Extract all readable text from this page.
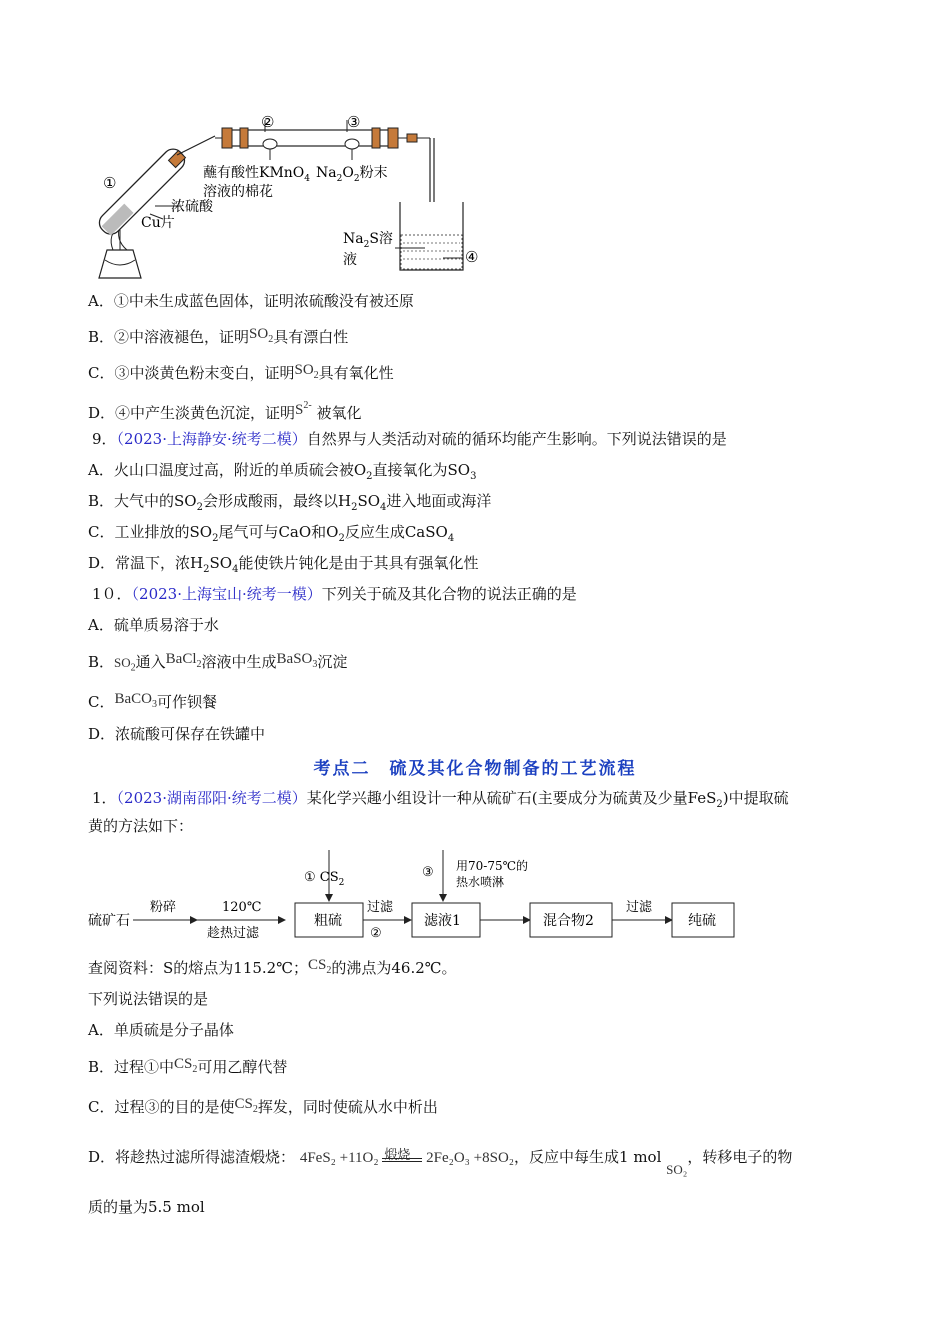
①
②	③
④
蘸有酸性KMnO$_4$ $Na_2O_2$粉末
溶液的棉花
浓硫酸
Cu片
$Na_2S$溶
液
A．①中未生成蓝色固体，证明浓硫酸没有被还原
B．②中溶液褪色，证明$SO_2$具有漂白性
C．③中淡黄色粉末变白，证明$SO_2$具有氧化性
D．④中产生淡黄色沉淀，证明$S^{2-}$ 被氧化
9．（2023·上海静安·统考二模）自然界与人类活动对硫的循环均能产生影响。下列说法错误的是
A．火山口温度过高，附近的单质硫会被$O_2$直接氧化为$SO_3$
B．大气中的$SO_2$会形成酸雨，最终以$H_2SO_4$进入地面或海洋
C．工业排放的$SO_2$尾气可与CaO和$O_2$反应生成CaSO$_4$
D．常温下，浓$H_2SO_4$能使铁片钝化是由于其具有强氧化性
1０．（2023·上海宝山·统考一模）下列关于硫及其化合物的说法正确的是
A．硫单质易溶于水
B．$SO_2$通入BaCl$_2$溶液中生成BaSO$_3$沉淀
C．BaCO$_3$可作钡餐
D．浓硫酸可保存在铁罐中
考点二　硫及其化合物制备的工艺流程
1．（2023·湖南邵阳·统考二模）某化学兴趣小组设计一种从硫矿石(主要成分为硫黄及少量FeS$_2$)中提取硫
黄的方法如下：
硫矿石
粉碎	120℃
趁热过滤
粗硫
① $CS_2$
过滤
②
滤液1
③ 用70-75℃的
热水喷淋
混合物2
过滤
纯硫
查阅资料：S的熔点为115.2℃；$CS_2$的沸点为46.2℃。
下列说法错误的是
A．单质硫是分子晶体
B．过程①中$CS_2$可用乙醇代替
C．过程③的目的是使$CS_2$挥发，同时使硫从水中析出
D．将趁热过滤所得滤渣煅烧： 4FeS₂ +11O₂ 煅烧 2Fe₂O₃ +8SO₂，反应中每生成1 mol SO₂，转移电子的物
质的量为5.5 mol
